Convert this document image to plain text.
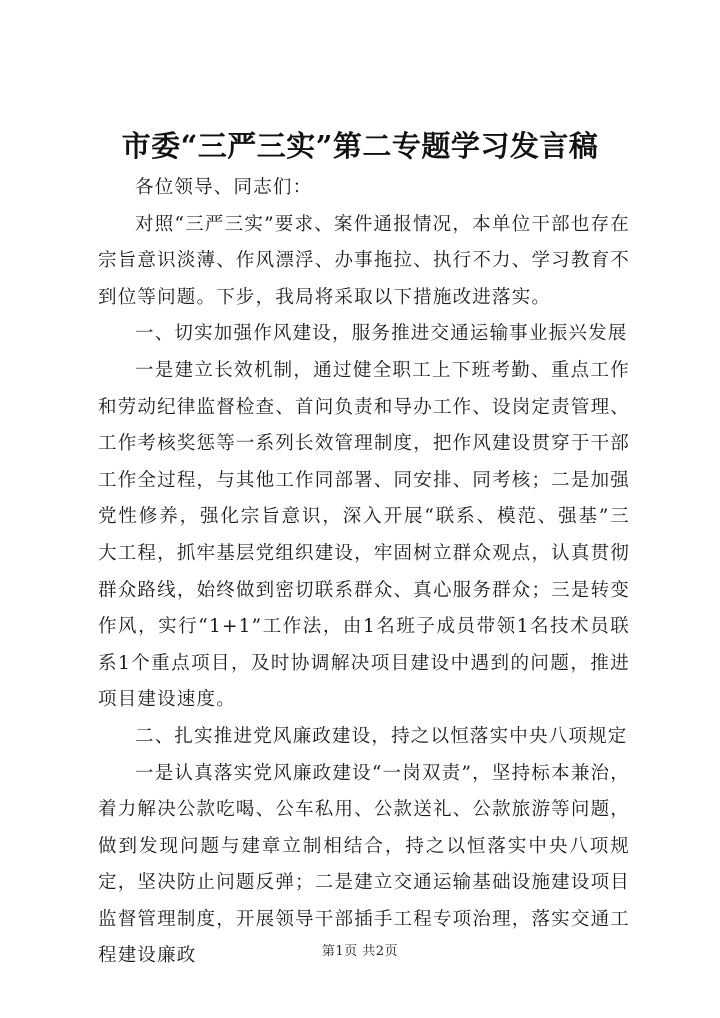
市委“三严三实”第二专题学习发言稿

各位领导、同志们：

对照“三严三实”要求、案件通报情况，本单位干部也存在宗旨意识淡薄、作风漂浮、办事拖拉、执行不力、学习教育不到位等问题。下步，我局将采取以下措施改进落实。

一、切实加强作风建设，服务推进交通运输事业振兴发展

一是建立长效机制，通过健全职工上下班考勤、重点工作和劳动纪律监督检查、首问负责和导办工作、设岗定责管理、工作考核奖惩等一系列长效管理制度，把作风建设贯穿于干部工作全过程，与其他工作同部署、同安排、同考核；二是加强党性修养，强化宗旨意识，深入开展“联系、模范、强基”三大工程，抓牢基层党组织建设，牢固树立群众观点，认真贯彻群众路线，始终做到密切联系群众、真心服务群众；三是转变作风，实行“1+1”工作法，由1名班子成员带领1名技术员联系1个重点项目，及时协调解决项目建设中遇到的问题，推进项目建设速度。

二、扎实推进党风廉政建设，持之以恒落实中央八项规定

一是认真落实党风廉政建设“一岗双责”，坚持标本兼治，着力解决公款吃喝、公车私用、公款送礼、公款旅游等问题，做到发现问题与建章立制相结合，持之以恒落实中央八项规定，坚决防止问题反弹；二是建立交通运输基础设施建设项目监督管理制度，开展领导干部插手工程专项治理，落实交通工程建设廉政	第1页 共2页
